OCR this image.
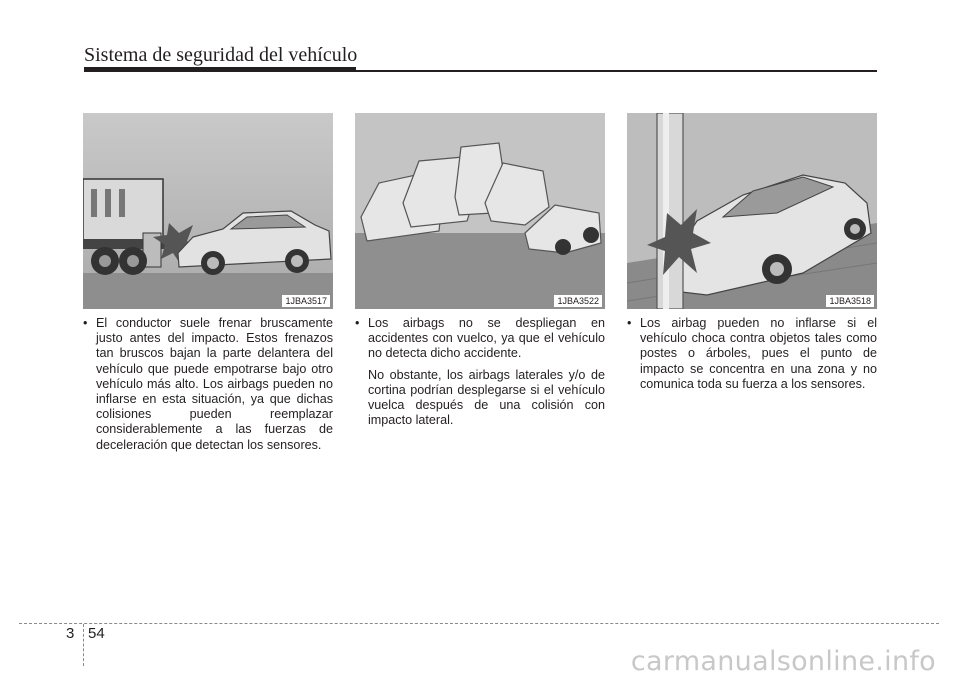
Sistema de seguridad del vehículo
1JBA3517	1JBA3522	1JBA3518

• El conductor suele frenar bruscamente justo antes del impacto. Estos frenazos tan bruscos bajan la parte delantera del vehículo que puede empotrarse bajo otro vehículo más alto. Los airbags pueden no inflarse en esta situación, ya que dichas colisiones pueden reemplazar considerablemente a las fuerzas de deceleración que detectan los sensores.

• Los airbags no se despliegan en accidentes con vuelco, ya que el vehículo no detecta dicho accidente.

No obstante, los airbags laterales y/o de cortina podrían desplegarse si el vehículo vuelca después de una colisión con impacto lateral.

• Los airbag pueden no inflarse si el vehículo choca contra objetos tales como postes o árboles, pues el punto de impacto se concentra en una zona y no comunica toda su fuerza a los sensores.

3 54
carmanualsonline.info
